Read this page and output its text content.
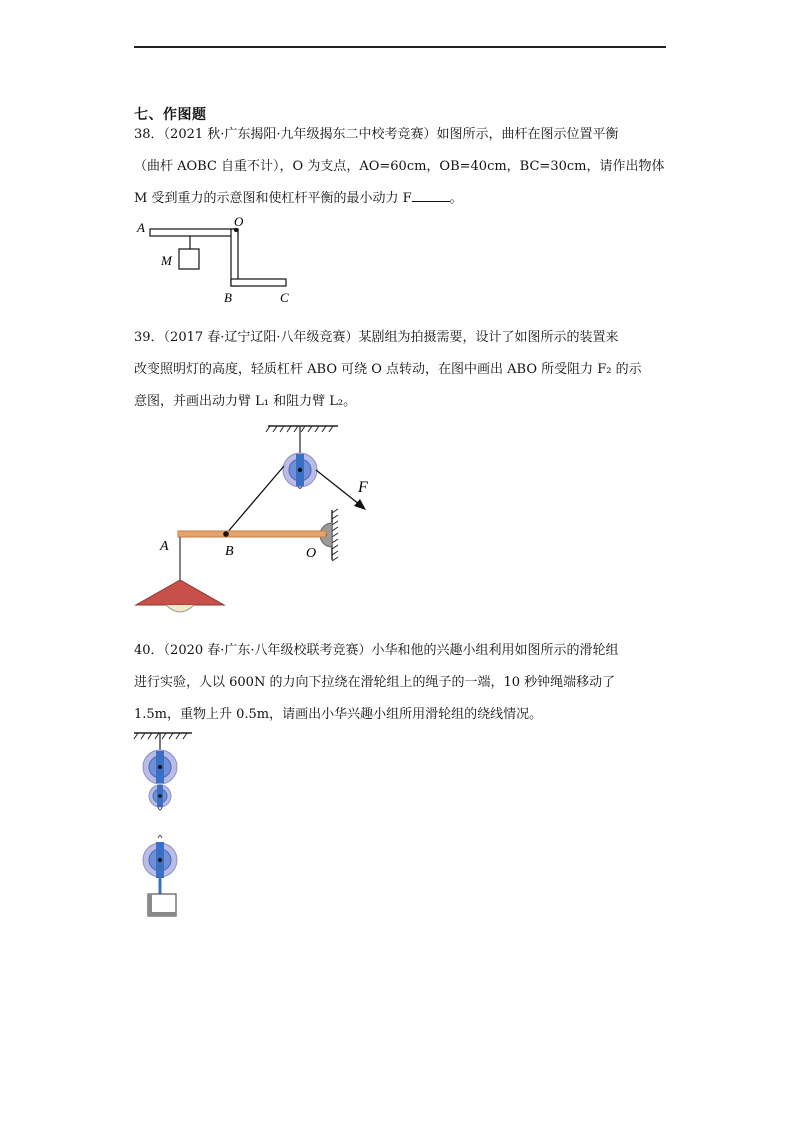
七、作图题
38．（2021 秋·广东揭阳·九年级揭东二中校考竞赛）如图所示，曲杆在图示位置平衡
（曲杆 AOBC 自重不计），O 为支点，AO=60cm，OB=40cm，BC=30cm，请作出物体
M 受到重力的示意图和使杠杆平衡的最小动力 F	。
A	O
M
B	C
39．（2017 春·辽宁辽阳·八年级竞赛）某剧组为拍摄需要，设计了如图所示的装置来
改变照明灯的高度，轻质杠杆 ABO 可绕 O 点转动，在图中画出 ABO 所受阻力 F₂ 的示
意图，并画出动力臂 L₁ 和阻力臂 L₂。
F
A	B	O
40．（2020 春·广东·八年级校联考竞赛）小华和他的兴趣小组利用如图所示的滑轮组
进行实验，人以 600N 的力向下拉绕在滑轮组上的绳子的一端，10 秒钟绳端移动了
1.5m，重物上升 0.5m，请画出小华兴趣小组所用滑轮组的绕线情况。
